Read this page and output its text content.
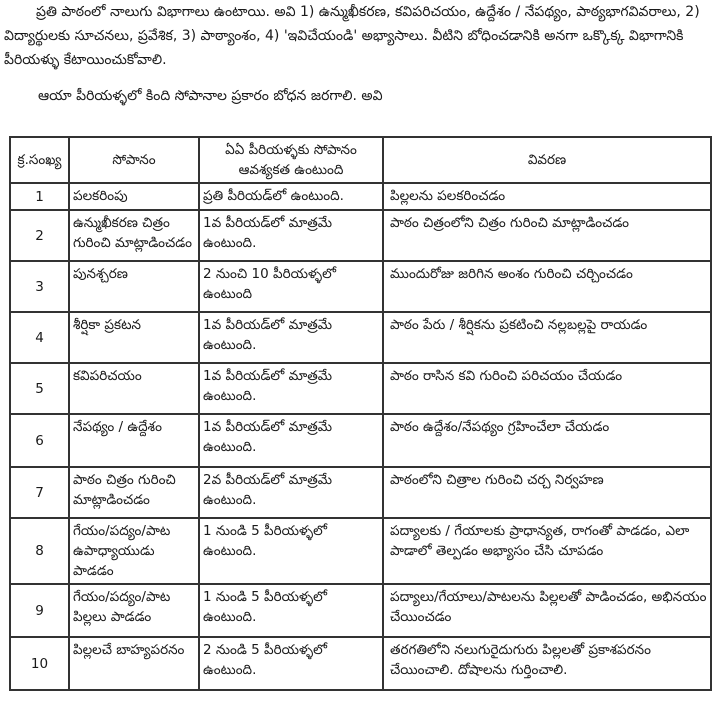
ప్రతి పాఠంలో నాలుగు విభాగాలు ఉంటాయి. అవి 1) ఉన్ముఖీకరణ, కవిపరిచయం, ఉద్దేశం / నేపథ్యం, పాఠ్యభాగవివరాలు, 2) విద్యార్థులకు సూచనలు, ప్రవేశిక, 3) పాఠ్యాంశం, 4) 'ఇవిచేయండి' అభ్యాసాలు. వీటిని బోధించడానికి అనగా ఒక్కొక్క విభాగానికి పీరియళ్ళు కేటాయించుకోవాలి.

ఆయా పీరియళ్ళలో కింది సోపానాల ప్రకారం బోధన జరగాలి. అవి

క్ర.సంఖ్య	సోపానం	ఏఏ పీరియళ్ళకు సోపానం ఆవశ్యకత ఉంటుంది	వివరణ
1	పలకరింపు	ప్రతి పీరియడ్‌లో ఉంటుంది.	పిల్లలను పలకరించడం
2	ఉన్ముఖీకరణ చిత్రం గురించి మాట్లాడించడం	1వ పీరియడ్‌లో మాత్రమే ఉంటుంది.	పాఠం చిత్రంలోని చిత్రం గురించి మాట్లాడించడం
3	పునశ్చరణ	2 నుంచి 10 పీరియళ్ళలో ఉంటుంది	ముందురోజు జరిగిన అంశం గురించి చర్చించడం
4	శీర్షికా ప్రకటన	1వ పీరియడ్‌లో మాత్రమే ఉంటుంది.	పాఠం పేరు / శీర్షికను ప్రకటించి నల్లబల్లపై రాయడం
5	కవిపరిచయం	1వ పీరియడ్‌లో మాత్రమే ఉంటుంది.	పాఠం రాసిన కవి గురించి పరిచయం చేయడం
6	నేపథ్యం / ఉద్దేశం	1వ పీరియడ్‌లో మాత్రమే ఉంటుంది.	పాఠం ఉద్దేశం/నేపథ్యం గ్రహించేలా చేయడం
7	పాఠం చిత్రం గురించి మాట్లాడించడం	2వ పీరియడ్‌లో మాత్రమే ఉంటుంది.	పాఠంలోని చిత్రాల గురించి చర్చ నిర్వహణ
8	గేయం/పద్యం/పాట ఉపాధ్యాయుడు పాడడం	1 నుండి 5 పీరియళ్ళలో ఉంటుంది.	పద్యాలకు / గేయాలకు ప్రాధాన్యత, రాగంతో పాడడం, ఎలా పాడాలో తెల్పడం అభ్యాసం చేసి చూపడం
9	గేయం/పద్యం/పాట పిల్లలు పాడడం	1 నుండి 5 పీరియళ్ళలో ఉంటుంది.	పద్యాలు/గేయాలు/పాటలను పిల్లలతో పాడించడం, అభినయం చేయించడం
10	పిల్లలచే బాహ్యపరనం	2 నుండి 5 పీరియళ్ళలో ఉంటుంది.	తరగతిలోని నలుగురైదుగురు పిల్లలతో ప్రకాశపరనం చేయించాలి. దోషాలను గుర్తించాలి.
